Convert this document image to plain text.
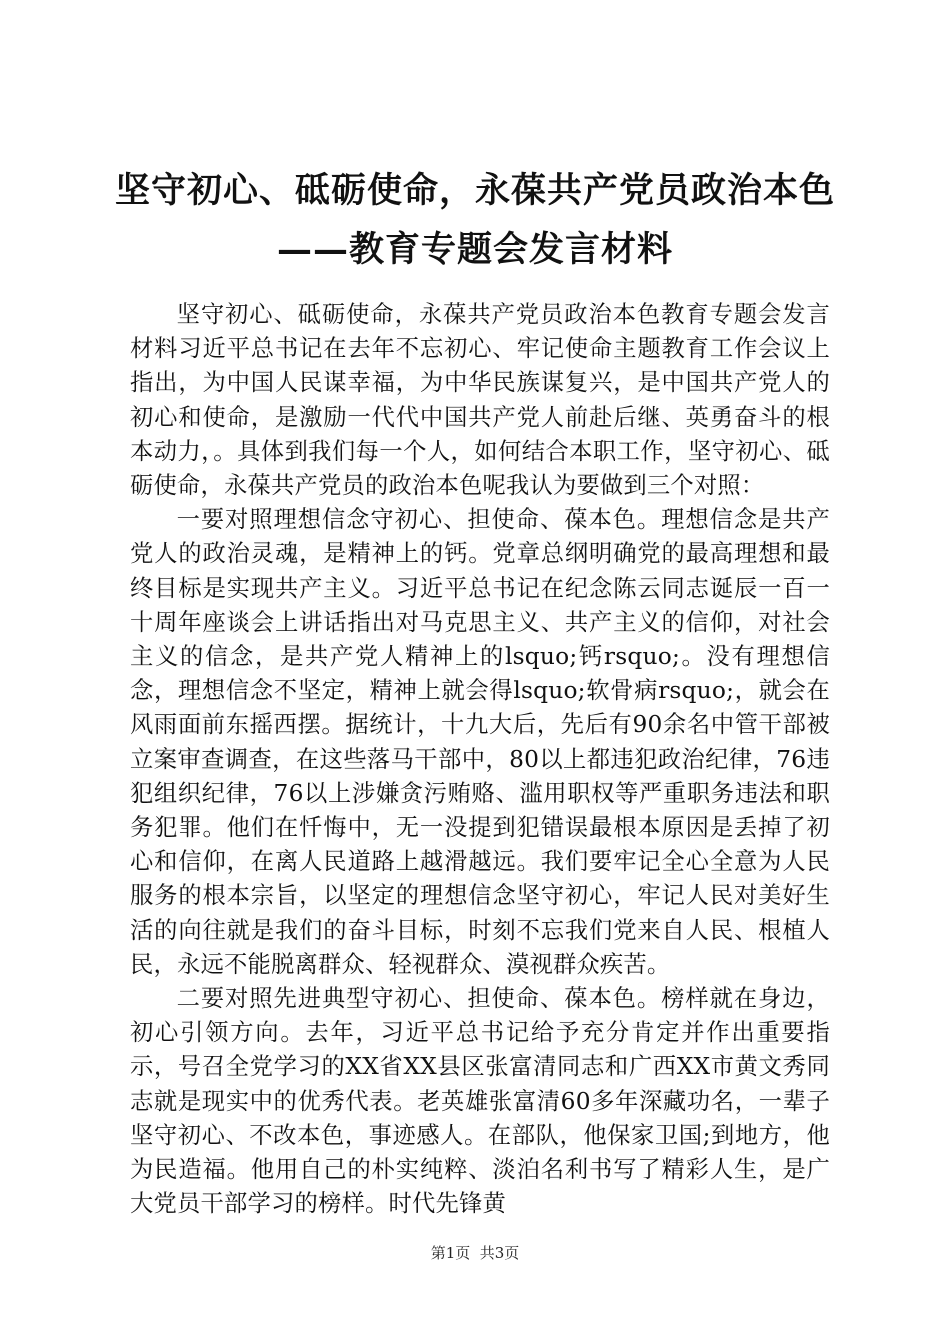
坚守初心、砥砺使命，永葆共产党员政治本色
——教育专题会发言材料

坚守初心、砥砺使命，永葆共产党员政治本色教育专题会发言材料习近平总书记在去年不忘初心、牢记使命主题教育工作会议上指出，为中国人民谋幸福，为中华民族谋复兴，是中国共产党人的初心和使命，是激励一代代中国共产党人前赴后继、英勇奋斗的根本动力，。具体到我们每一个人，如何结合本职工作，坚守初心、砥砺使命，永葆共产党员的政治本色呢我认为要做到三个对照：

一要对照理想信念守初心、担使命、葆本色。理想信念是共产党人的政治灵魂，是精神上的钙。党章总纲明确党的最高理想和最终目标是实现共产主义。习近平总书记在纪念陈云同志诞辰一百一十周年座谈会上讲话指出对马克思主义、共产主义的信仰，对社会主义的信念，是共产党人精神上的lsquo;钙rsquo;。没有理想信念，理想信念不坚定，精神上就会得lsquo;软骨病rsquo;，就会在风雨面前东摇西摆。据统计，十九大后，先后有90余名中管干部被立案审查调查，在这些落马干部中，80以上都违犯政治纪律，76违犯组织纪律，76以上涉嫌贪污贿赂、滥用职权等严重职务违法和职务犯罪。他们在忏悔中，无一没提到犯错误最根本原因是丢掉了初心和信仰，在离人民道路上越滑越远。我们要牢记全心全意为人民服务的根本宗旨，以坚定的理想信念坚守初心，牢记人民对美好生活的向往就是我们的奋斗目标，时刻不忘我们党来自人民、根植人民，永远不能脱离群众、轻视群众、漠视群众疾苦。

二要对照先进典型守初心、担使命、葆本色。榜样就在身边，初心引领方向。去年，习近平总书记给予充分肯定并作出重要指示，号召全党学习的XX省XX县区张富清同志和广西XX市黄文秀同志就是现实中的优秀代表。老英雄张富清60多年深藏功名，一辈子坚守初心、不改本色，事迹感人。在部队，他保家卫国;到地方，他为民造福。他用自己的朴实纯粹、淡泊名利书写了精彩人生，是广大党员干部学习的榜样。时代先锋黄

第1页  共3页
